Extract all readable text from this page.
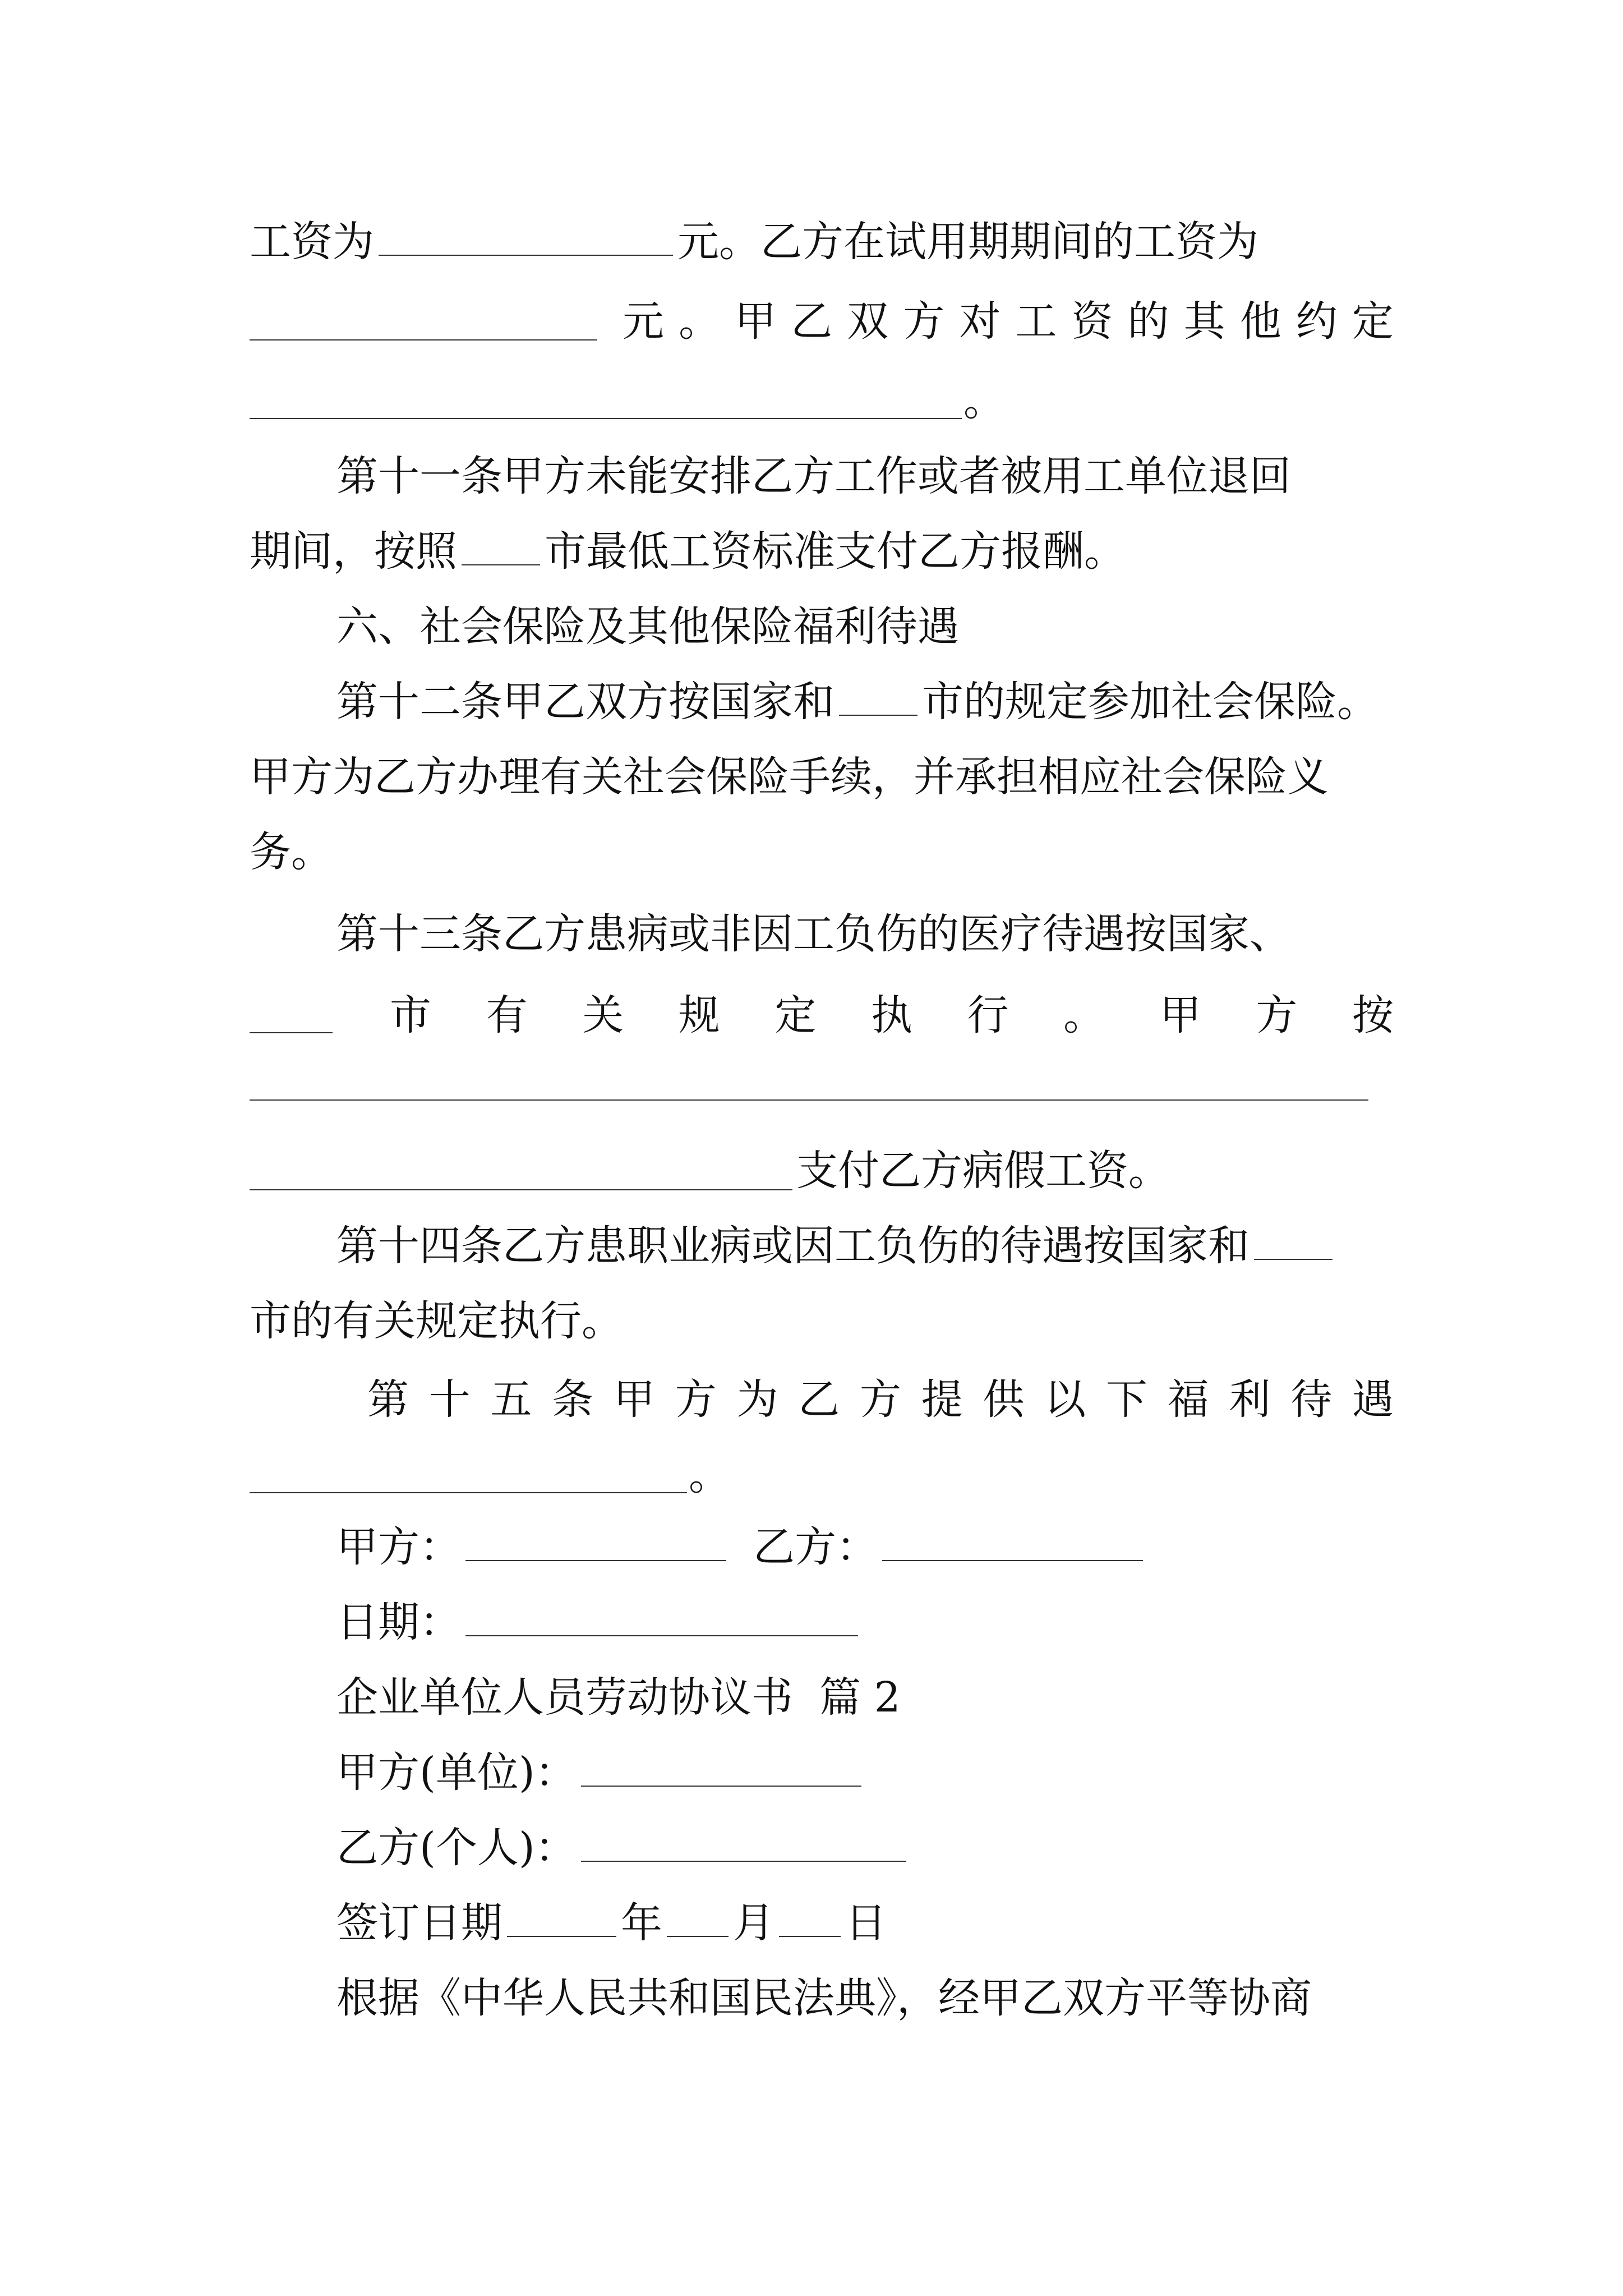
工资为	元。乙方在试用期期间的工资为
元 。 甲 乙 双 方 对 工 资 的 其 他 约 定
。
第十一条甲方未能安排乙方工作或者被用工单位退回
期间，按照 市最低工资标准支付乙方报酬。
六、社会保险及其他保险福利待遇
第十二条甲乙双方按国家和 市的规定参加社会保险。
甲方为乙方办理有关社会保险手续，并承担相应社会保险义
务。
第十三条乙方患病或非因工负伤的医疗待遇按国家、
市 有 关 规 定 执 行 。 甲 方 按
支付乙方病假工资。
第十四条乙方患职业病或因工负伤的待遇按国家和
市的有关规定执行。
第 十 五 条 甲 方 为 乙 方 提 供 以 下 福 利 待 遇
。
甲方：	乙方：
日期：
企业单位人员劳动协议书  篇 2
甲方(单位)：
乙方(个人)：
签订日期	年 月 日
根据《中华人民共和国民法典》，经甲乙双方平等协商
